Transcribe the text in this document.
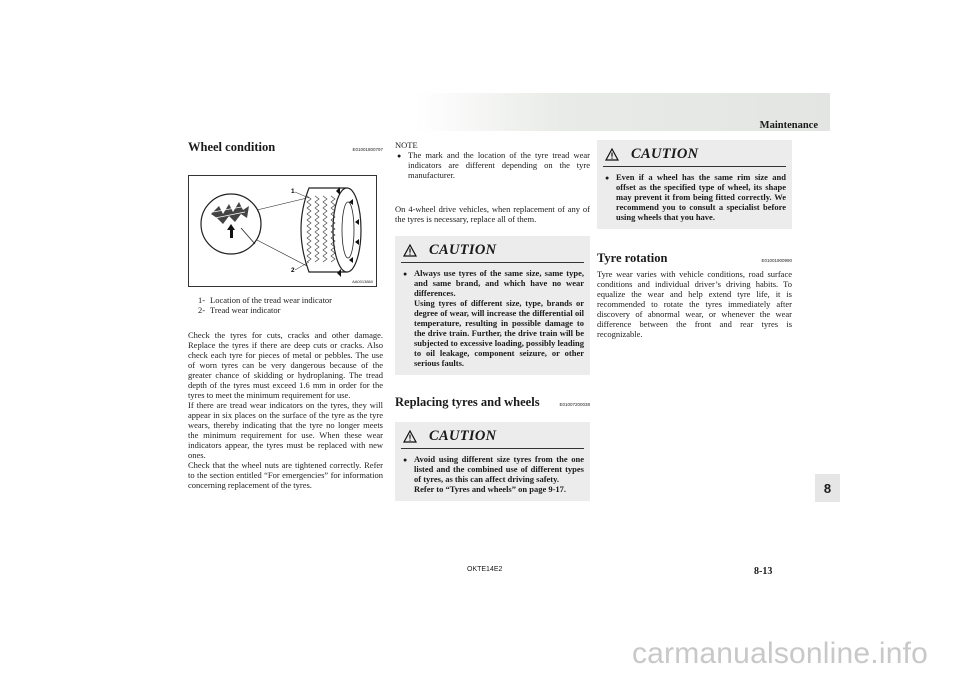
Maintenance
Wheel condition	E01001800797
1
2
AA0013860
1- Location of the tread wear indicator
2- Tread wear indicator

Check the tyres for cuts, cracks and other damage. Replace the tyres if there are deep cuts or cracks. Also check each tyre for pieces of metal or pebbles. The use of worn tyres can be very dangerous because of the greater chance of skidding or hydroplaning. The tread depth of the tyres must exceed 1.6 mm in order for the tyres to meet the minimum requirement for use.

If there are tread wear indicators on the tyres, they will appear in six places on the surface of the tyre as the tyre wears, thereby indicating that the tyre no longer meets the minimum requirement for use. When these wear indicators appear, the tyres must be replaced with new ones.

Check that the wheel nuts are tightened correctly. Refer to the section entitled “For emergencies” for information concerning replacement of the tyres.

NOTE
● The mark and the location of the tyre tread wear indicators are different depending on the tyre manufacturer.

On 4-wheel drive vehicles, when replacement of any of the tyres is necessary, replace all of them.

CAUTION
● Always use tyres of the same size, same type, and same brand, and which have no wear differences.
Using tyres of different size, type, brands or degree of wear, will increase the differential oil temperature, resulting in possible damage to the drive train. Further, the drive train will be subjected to excessive loading, possibly leading to oil leakage, component seizure, or other serious faults.
Replacing tyres and wheels	E01007200038
CAUTION
● Avoid using different size tyres from the one listed and the combined use of different types of tyres, as this can affect driving safety.
Refer to “Tyres and wheels” on page 9-17.
CAUTION
● Even if a wheel has the same rim size and offset as the specified type of wheel, its shape may prevent it from being fitted correctly. We recommend you to consult a specialist before using wheels that you have.
Tyre rotation	E01001900990

Tyre wear varies with vehicle conditions, road surface conditions and individual driver’s driving habits. To equalize the wear and help extend tyre life, it is recommended to rotate the tyres immediately after discovery of abnormal wear, or whenever the wear difference between the front and rear tyres is recognizable.

8
OKTE14E2	8-13
carmanualsonline.info
